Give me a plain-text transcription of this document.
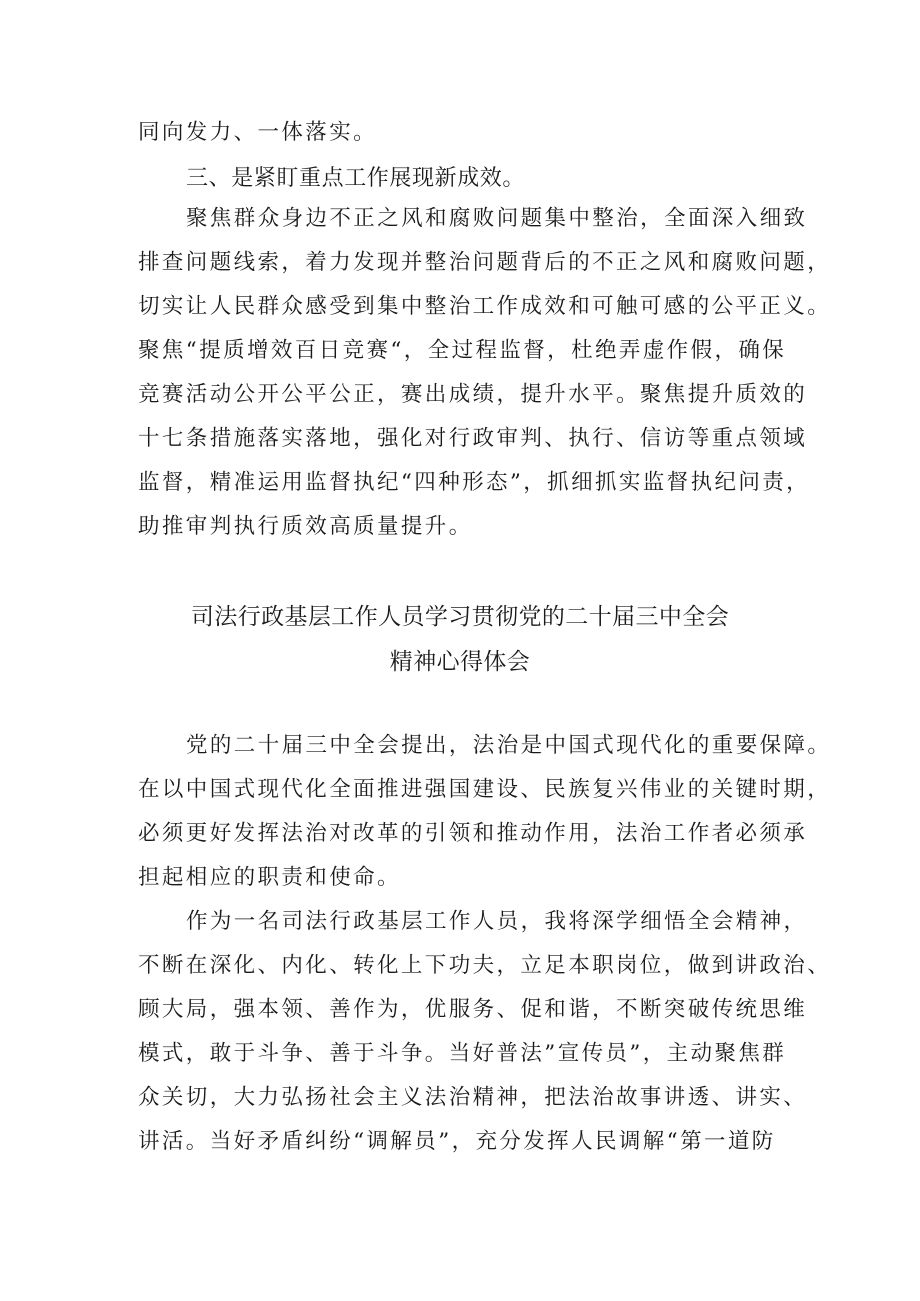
同向发力、一体落实。
三、是紧盯重点工作展现新成效。
聚焦群众身边不正之风和腐败问题集中整治，全面深入细致
排查问题线索，着力发现并整治问题背后的不正之风和腐败问题，
切实让人民群众感受到集中整治工作成效和可触可感的公平正义。
聚焦“提质增效百日竞赛“，全过程监督，杜绝弄虚作假，确保
竞赛活动公开公平公正，赛出成绩，提升水平。聚焦提升质效的
十七条措施落实落地，强化对行政审判、执行、信访等重点领域
监督，精准运用监督执纪“四种形态”，抓细抓实监督执纪问责，
助推审判执行质效高质量提升。
司法行政基层工作人员学习贯彻党的二十届三中全会
精神心得体会
党的二十届三中全会提出，法治是中国式现代化的重要保障。
在以中国式现代化全面推进强国建设、民族复兴伟业的关键时期，
必须更好发挥法治对改革的引领和推动作用，法治工作者必须承
担起相应的职责和使命。
作为一名司法行政基层工作人员，我将深学细悟全会精神，
不断在深化、内化、转化上下功夫，立足本职岗位，做到讲政治、
顾大局，强本领、善作为，优服务、促和谐，不断突破传统思维
模式，敢于斗争、善于斗争。当好普法”宣传员”，主动聚焦群
众关切，大力弘扬社会主义法治精神，把法治故事讲透、讲实、
讲活。当好矛盾纠纷“调解员”，充分发挥人民调解“第一道防
